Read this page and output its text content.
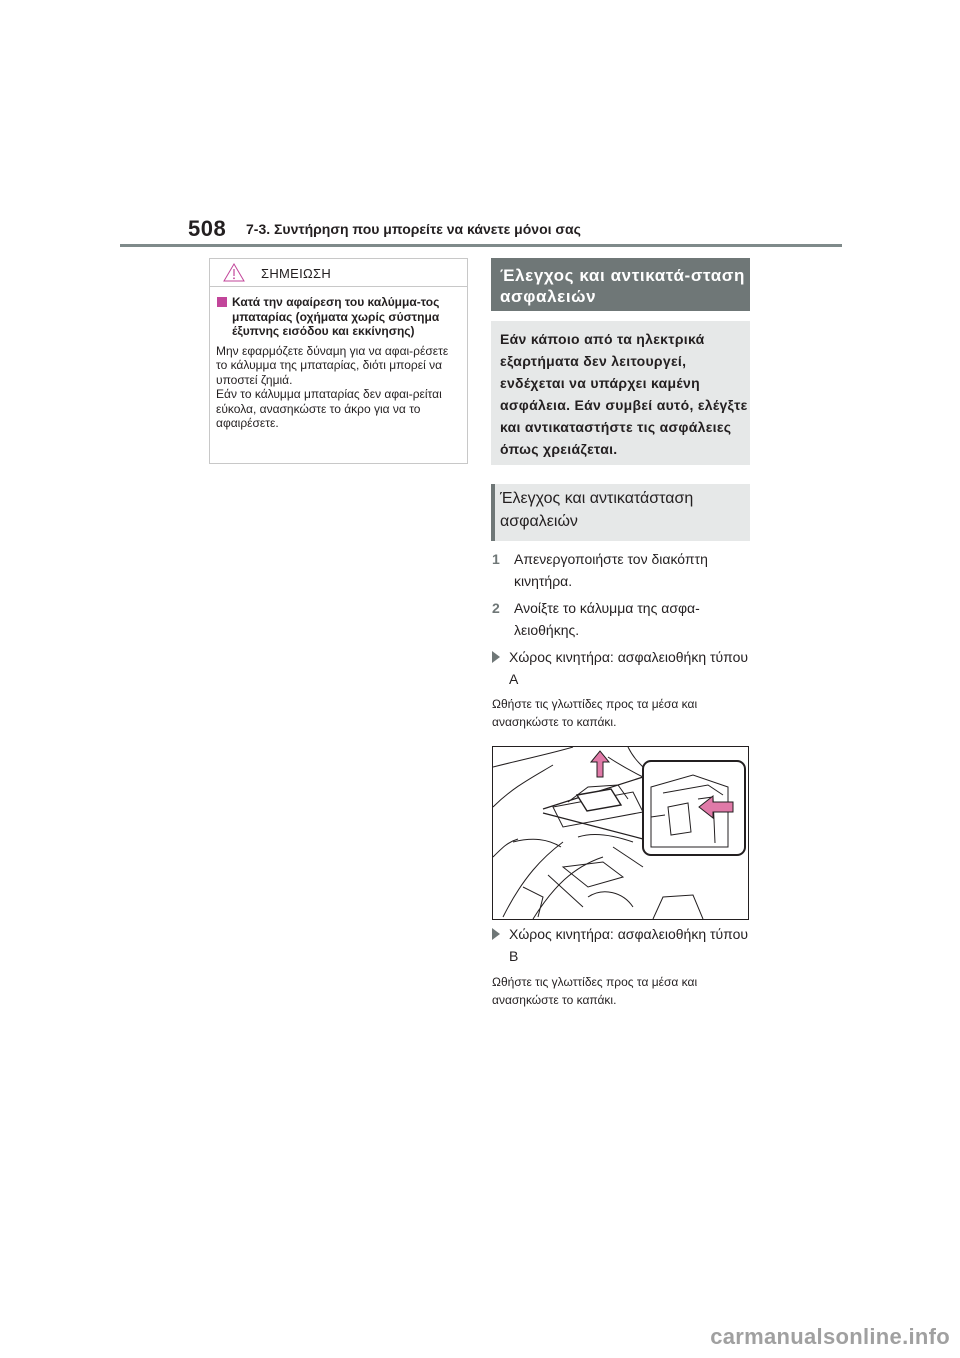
508 7-3. Συντήρηση που μπορείτε να κάνετε μόνοι σας
ΣΗΜΕΙΩΣΗ
Κατά την αφαίρεση του καλύμμα-τος μπαταρίας (οχήματα χωρίς σύστημα έξυπνης εισόδου και εκκίνησης)
Μην εφαρμόζετε δύναμη για να αφαι-ρέσετε το κάλυμμα της μπαταρίας, διότι μπορεί να υποστεί ζημιά.
Εάν το κάλυμμα μπαταρίας δεν αφαι-ρείται εύκολα, ανασηκώστε το άκρο για να το αφαιρέσετε.
Έλεγχος και αντικατά-σταση ασφαλειών
Εάν κάποιο από τα ηλεκτρικά εξαρτήματα δεν λειτουργεί, ενδέχεται να υπάρχει καμένη ασφάλεια. Εάν συμβεί αυτό, ελέγξτε και αντικαταστήστε τις ασφάλειες όπως χρειάζεται.
Έλεγχος και αντικατάσταση ασφαλειών
1 Απενεργοποιήστε τον διακόπτη κινητήρα.
2 Ανοίξτε το κάλυμμα της ασφα-λειοθήκης.
Χώρος κινητήρα: ασφαλειοθήκη τύπου A
Ωθήστε τις γλωττίδες προς τα μέσα και ανασηκώστε το καπάκι.
Χώρος κινητήρα: ασφαλειοθήκη τύπου B
Ωθήστε τις γλωττίδες προς τα μέσα και ανασηκώστε το καπάκι.
carmanualsonline.info
